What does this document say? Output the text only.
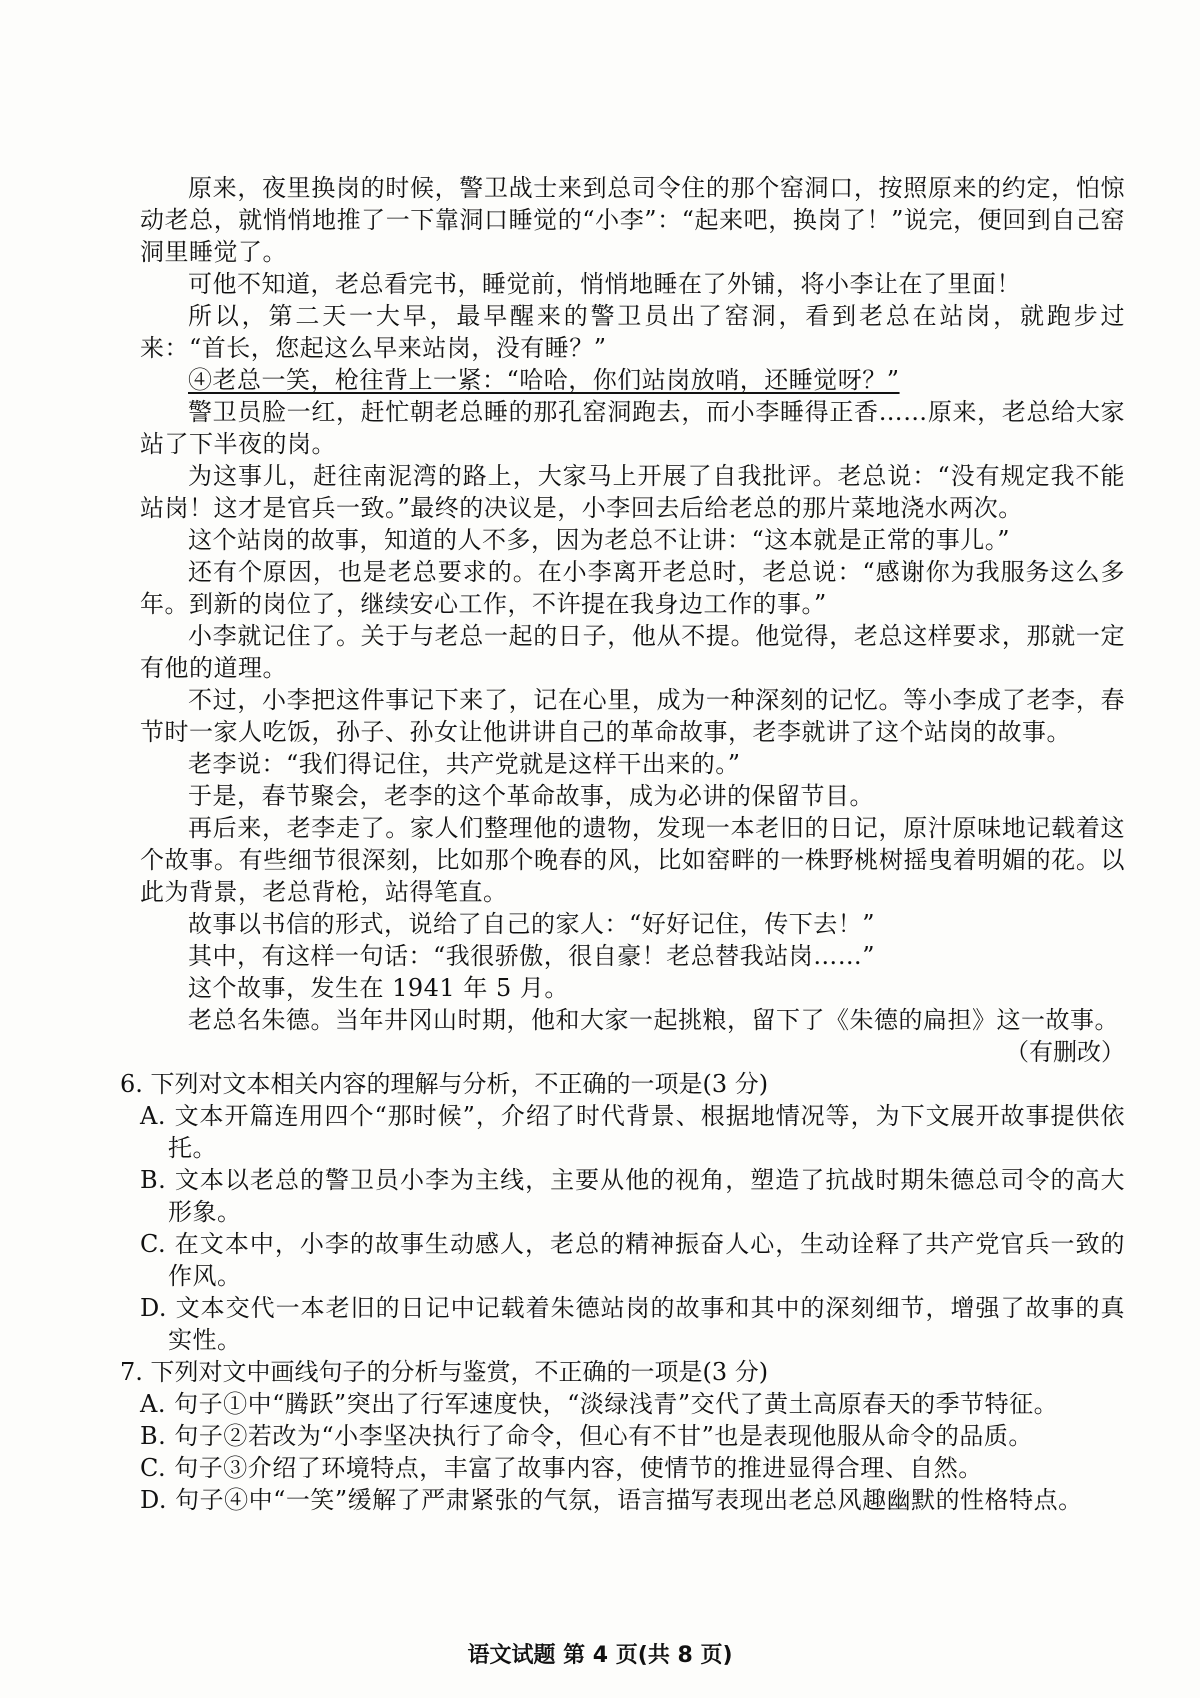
原来，夜里换岗的时候，警卫战士来到总司令住的那个窑洞口，按照原来的约定，怕惊动老总，就悄悄地推了一下靠洞口睡觉的“小李”：“起来吧，换岗了！”说完，便回到自己窑洞里睡觉了。

可他不知道，老总看完书，睡觉前，悄悄地睡在了外铺，将小李让在了里面！

所以，第二天一大早，最早醒来的警卫员出了窑洞，看到老总在站岗，就跑步过来：“首长，您起这么早来站岗，没有睡？”

④老总一笑，枪往背上一紧：“哈哈，你们站岗放哨，还睡觉呀？”

警卫员脸一红，赶忙朝老总睡的那孔窑洞跑去，而小李睡得正香……原来，老总给大家站了下半夜的岗。

为这事儿，赶往南泥湾的路上，大家马上开展了自我批评。老总说：“没有规定我不能站岗！这才是官兵一致。”最终的决议是，小李回去后给老总的那片菜地浇水两次。

这个站岗的故事，知道的人不多，因为老总不让讲：“这本就是正常的事儿。”

还有个原因，也是老总要求的。在小李离开老总时，老总说：“感谢你为我服务这么多年。到新的岗位了，继续安心工作，不许提在我身边工作的事。”

小李就记住了。关于与老总一起的日子，他从不提。他觉得，老总这样要求，那就一定有他的道理。

不过，小李把这件事记下来了，记在心里，成为一种深刻的记忆。等小李成了老李，春节时一家人吃饭，孙子、孙女让他讲讲自己的革命故事，老李就讲了这个站岗的故事。

老李说：“我们得记住，共产党就是这样干出来的。”

于是，春节聚会，老李的这个革命故事，成为必讲的保留节目。

再后来，老李走了。家人们整理他的遗物，发现一本老旧的日记，原汁原味地记载着这个故事。有些细节很深刻，比如那个晚春的风，比如窑畔的一株野桃树摇曳着明媚的花。以此为背景，老总背枪，站得笔直。

故事以书信的形式，说给了自己的家人：“好好记住，传下去！”

其中，有这样一句话：“我很骄傲，很自豪！老总替我站岗……”

这个故事，发生在 1941 年 5 月。

老总名朱德。当年井冈山时期，他和大家一起挑粮，留下了《朱德的扁担》这一故事。

（有删改）

6. 下列对文本相关内容的理解与分析，不正确的一项是(3 分)

A. 文本开篇连用四个“那时候”，介绍了时代背景、根据地情况等，为下文展开故事提供依托。

B. 文本以老总的警卫员小李为主线，主要从他的视角，塑造了抗战时期朱德总司令的高大形象。

C. 在文本中，小李的故事生动感人，老总的精神振奋人心，生动诠释了共产党官兵一致的作风。

D. 文本交代一本老旧的日记中记载着朱德站岗的故事和其中的深刻细节，增强了故事的真实性。

7. 下列对文中画线句子的分析与鉴赏，不正确的一项是(3 分)

A. 句子①中“腾跃”突出了行军速度快，“淡绿浅青”交代了黄土高原春天的季节特征。

B. 句子②若改为“小李坚决执行了命令，但心有不甘”也是表现他服从命令的品质。

C. 句子③介绍了环境特点，丰富了故事内容，使情节的推进显得合理、自然。

D. 句子④中“一笑”缓解了严肃紧张的气氛，语言描写表现出老总风趣幽默的性格特点。

语文试题 第 4 页(共 8 页)
